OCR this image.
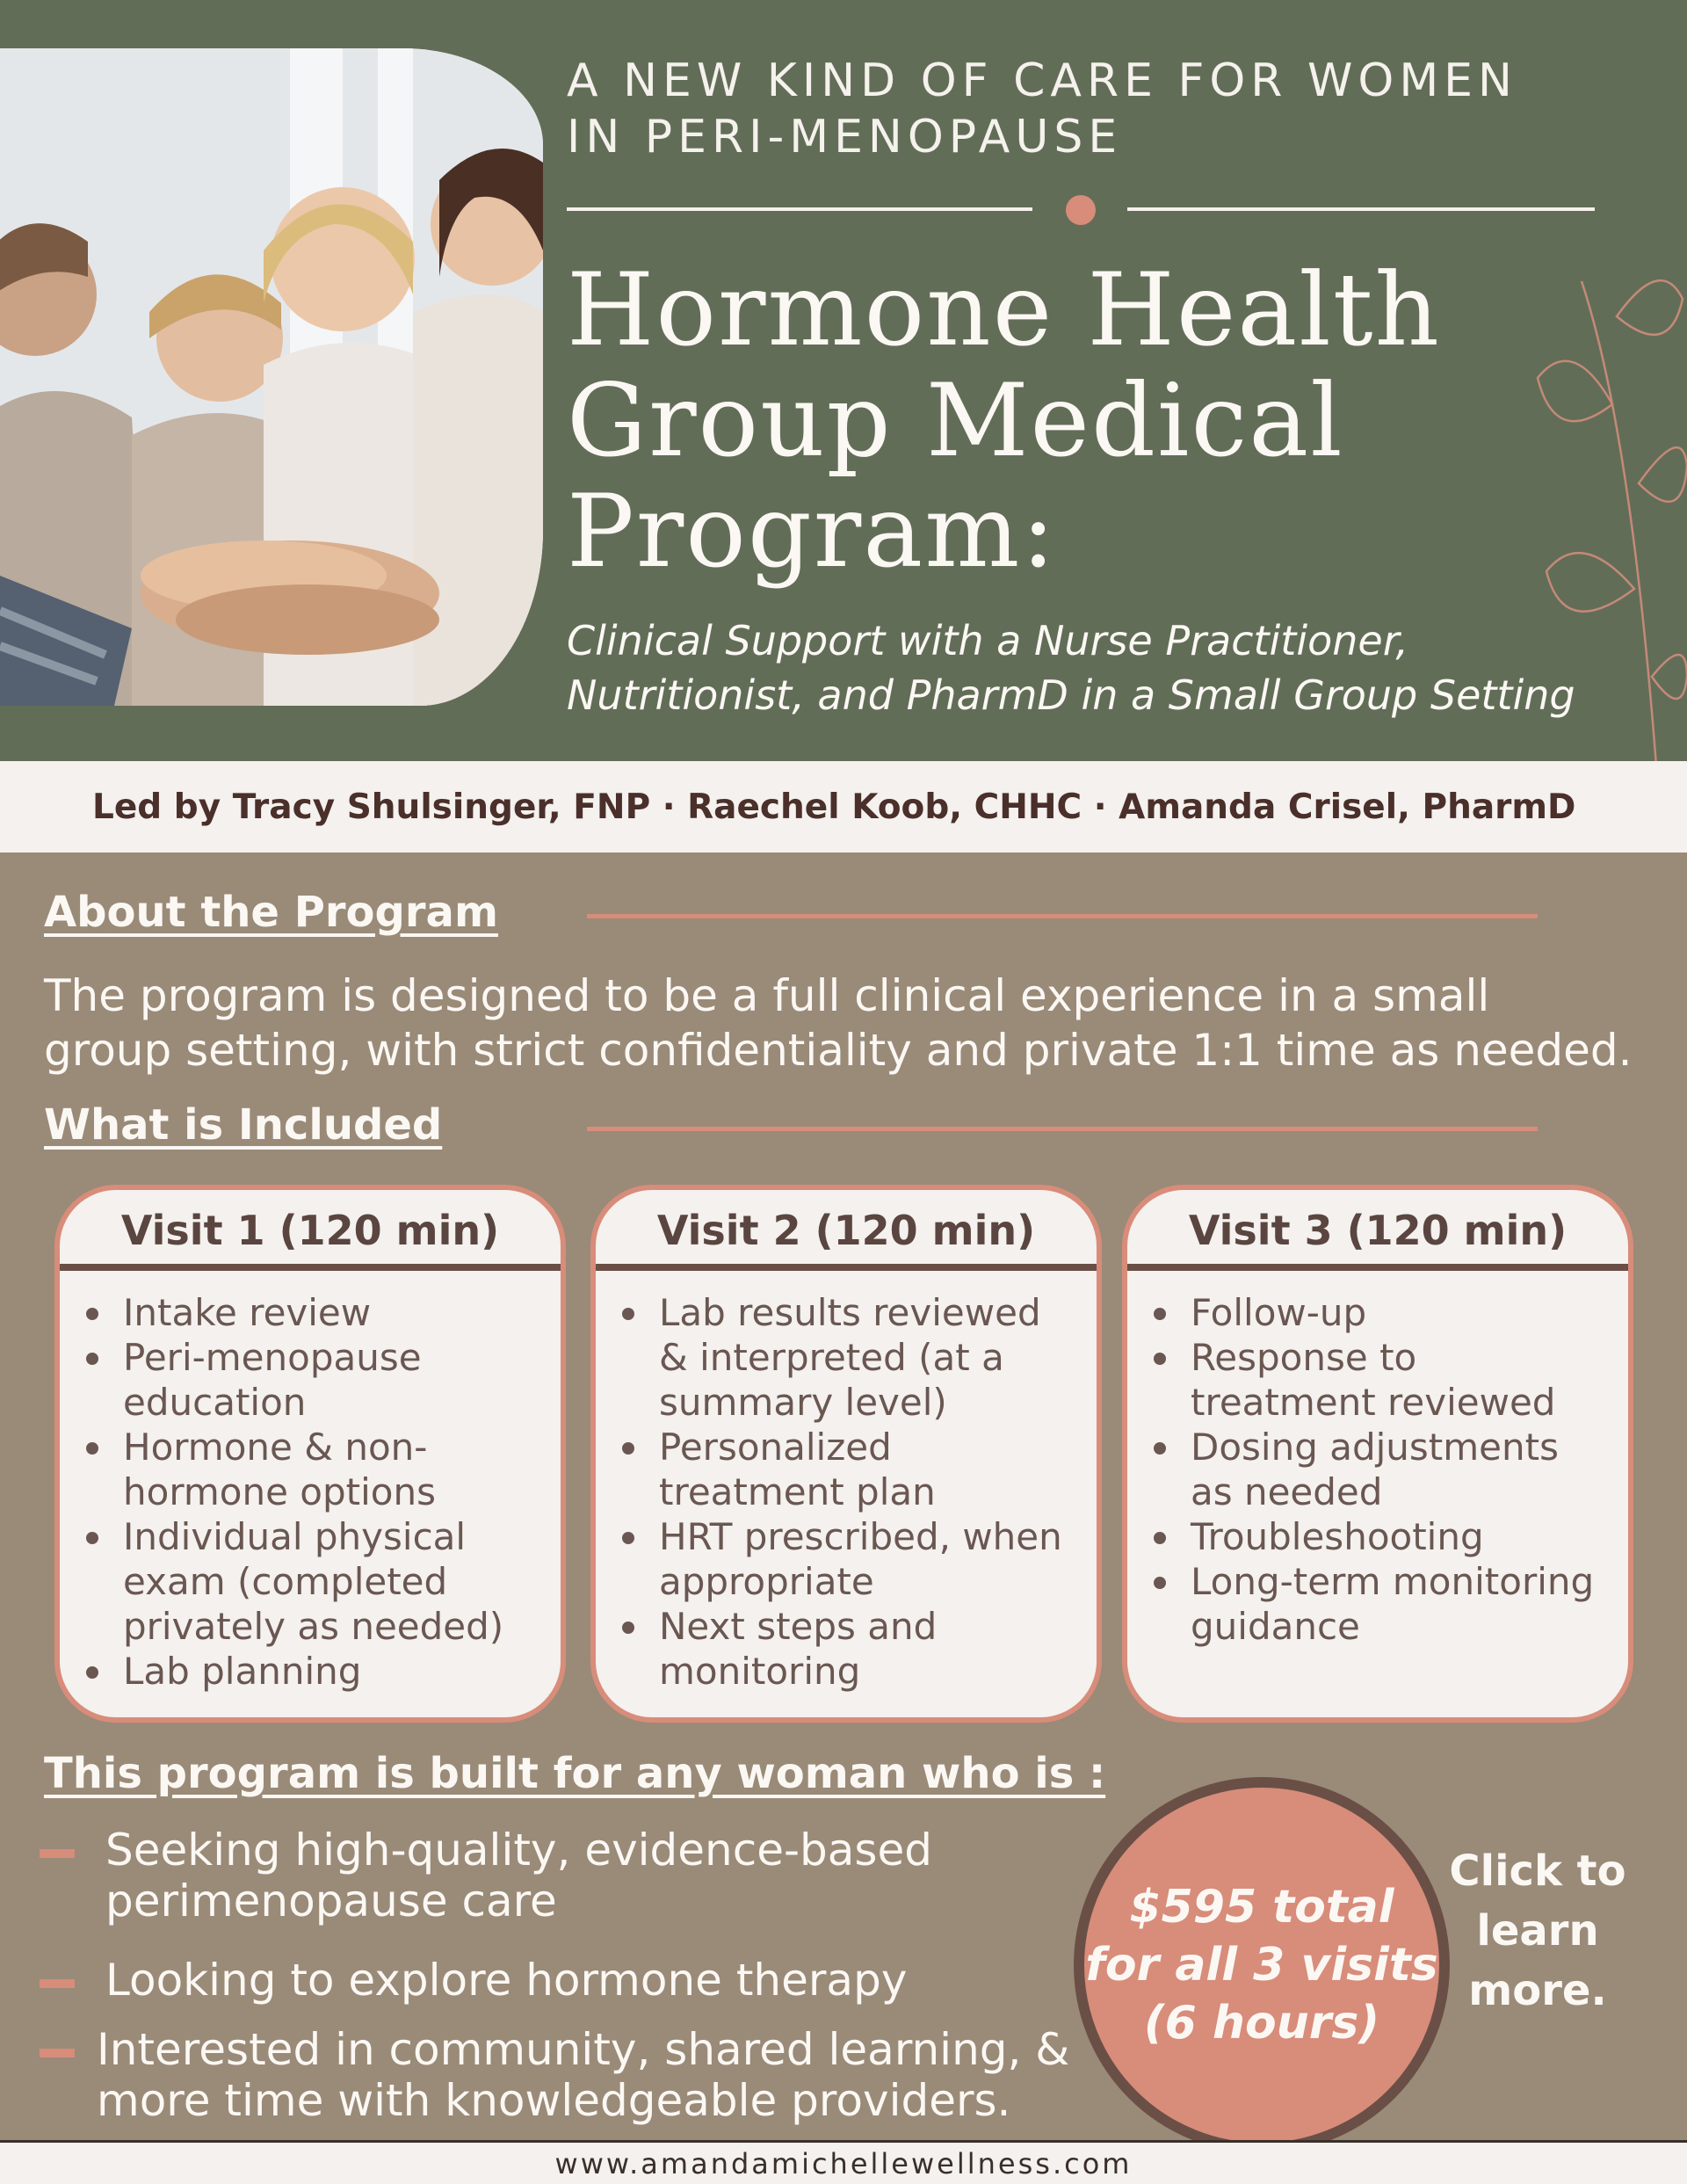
A NEW KIND OF CARE FOR WOMEN
IN PERI-MENOPAUSE
Hormone Health
Group Medical
Program:
Clinical Support with a Nurse Practitioner,
Nutritionist, and PharmD in a Small Group Setting
Led by Tracy Shulsinger, FNP · Raechel Koob, CHHC · Amanda Crisel, PharmD
About the Program
The program is designed to be a full clinical experience in a small
group setting, with strict confidentiality and private 1:1 time as needed.
What is Included
Visit 1 (120 min)
Intake review
Peri-menopause education
Hormone & non-hormone options
Individual physical exam (completed privately as needed)
Lab planning
Visit 2 (120 min)
Lab results reviewed & interpreted (at a summary level)
Personalized treatment plan
HRT prescribed, when appropriate
Next steps and monitoring
Visit 3 (120 min)
Follow-up
Response to treatment reviewed
Dosing adjustments as needed
Troubleshooting
Long-term monitoring guidance
This program is built for any woman who is :
Seeking high-quality, evidence-based
perimenopause care
Looking to explore hormone therapy
Interested in community, shared learning, &
more time with knowledgeable providers.
$595 total
for all 3 visits
(6 hours)
Click to
learn
more.
www.amandamichellewellness.com
